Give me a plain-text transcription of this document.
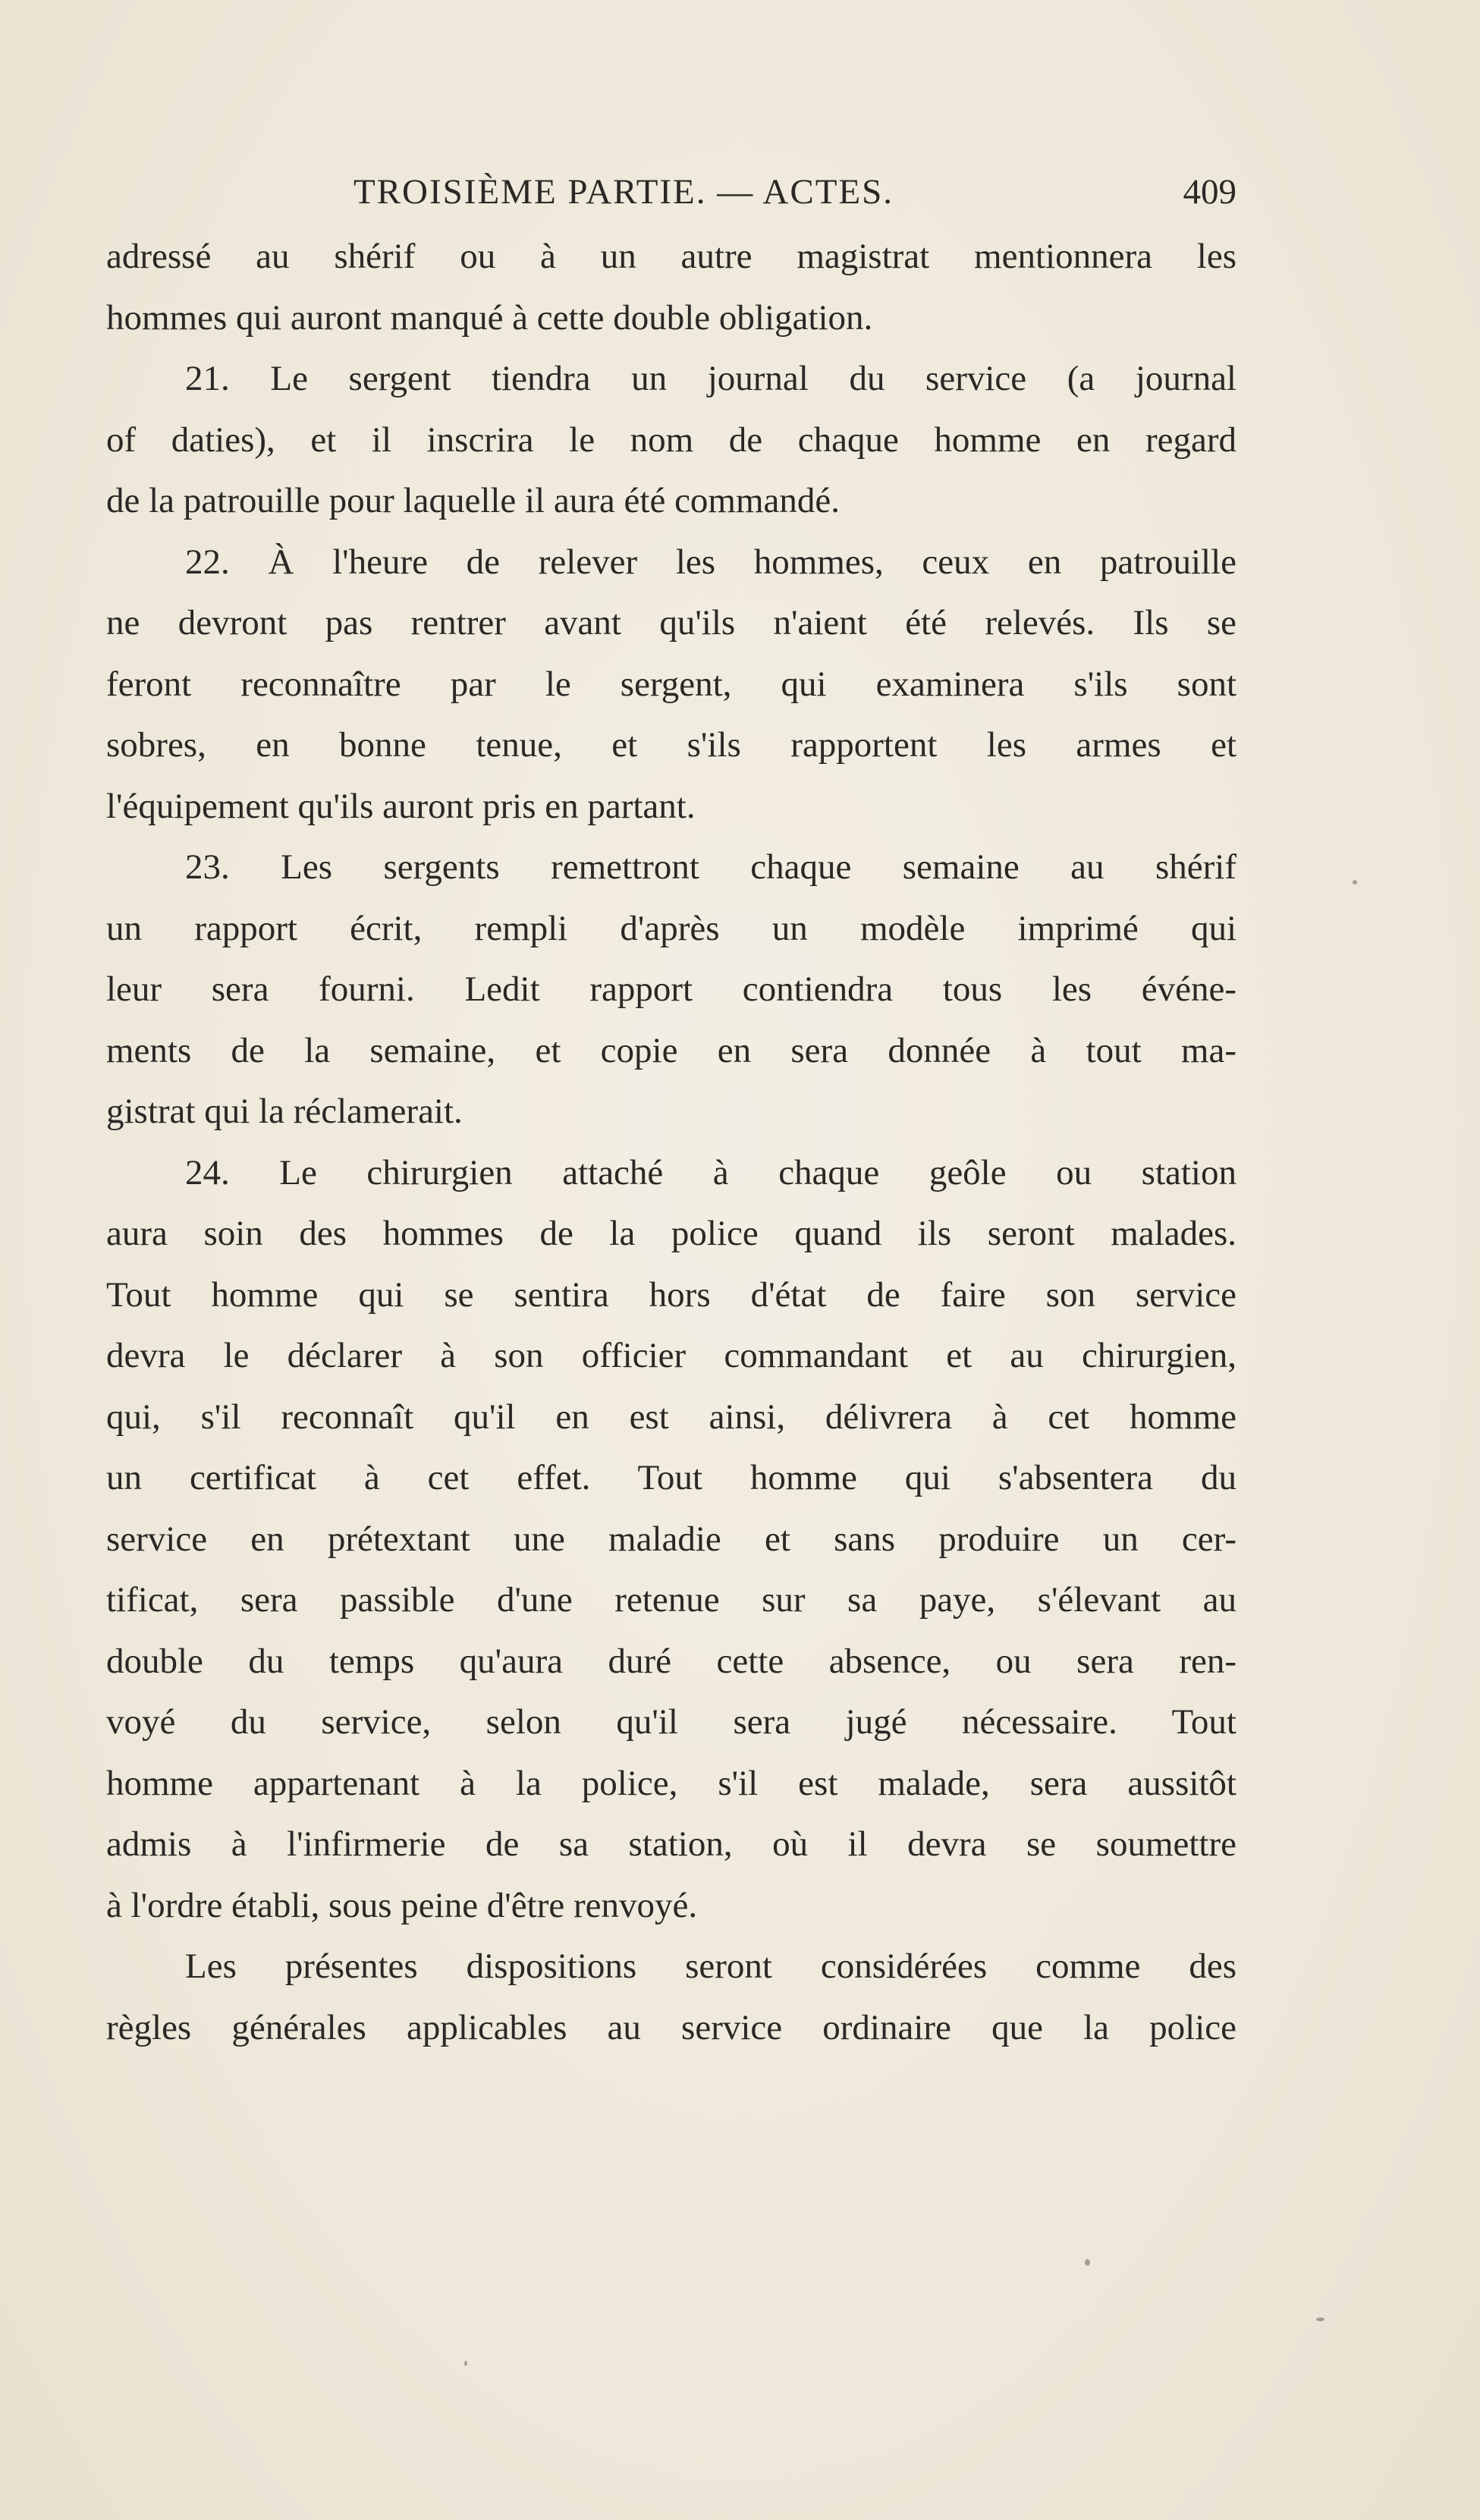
TROISIÈME PARTIE. — ACTES.	409
adressé au shérif ou à un autre magistrat mentionnera les
hommes qui auront manqué à cette double obligation.
21. Le sergent tiendra un journal du service (a journal
of daties), et il inscrira le nom de chaque homme en regard
de la patrouille pour laquelle il aura été commandé.
22. À l'heure de relever les hommes, ceux en patrouille
ne devront pas rentrer avant qu'ils n'aient été relevés. Ils se
feront reconnaître par le sergent, qui examinera s'ils sont
sobres, en bonne tenue, et s'ils rapportent les armes et
l'équipement qu'ils auront pris en partant.
23. Les sergents remettront chaque semaine au shérif
un rapport écrit, rempli d'après un modèle imprimé qui
leur sera fourni. Ledit rapport contiendra tous les événe-
ments de la semaine, et copie en sera donnée à tout ma-
gistrat qui la réclamerait.
24. Le chirurgien attaché à chaque geôle ou station
aura soin des hommes de la police quand ils seront malades.
Tout homme qui se sentira hors d'état de faire son service
devra le déclarer à son officier commandant et au chirurgien,
qui, s'il reconnaît qu'il en est ainsi, délivrera à cet homme
un certificat à cet effet. Tout homme qui s'absentera du
service en prétextant une maladie et sans produire un cer-
tificat, sera passible d'une retenue sur sa paye, s'élevant au
double du temps qu'aura duré cette absence, ou sera ren-
voyé du service, selon qu'il sera jugé nécessaire. Tout
homme appartenant à la police, s'il est malade, sera aussitôt
admis à l'infirmerie de sa station, où il devra se soumettre
à l'ordre établi, sous peine d'être renvoyé.
Les présentes dispositions seront considérées comme des
règles générales applicables au service ordinaire que la police
